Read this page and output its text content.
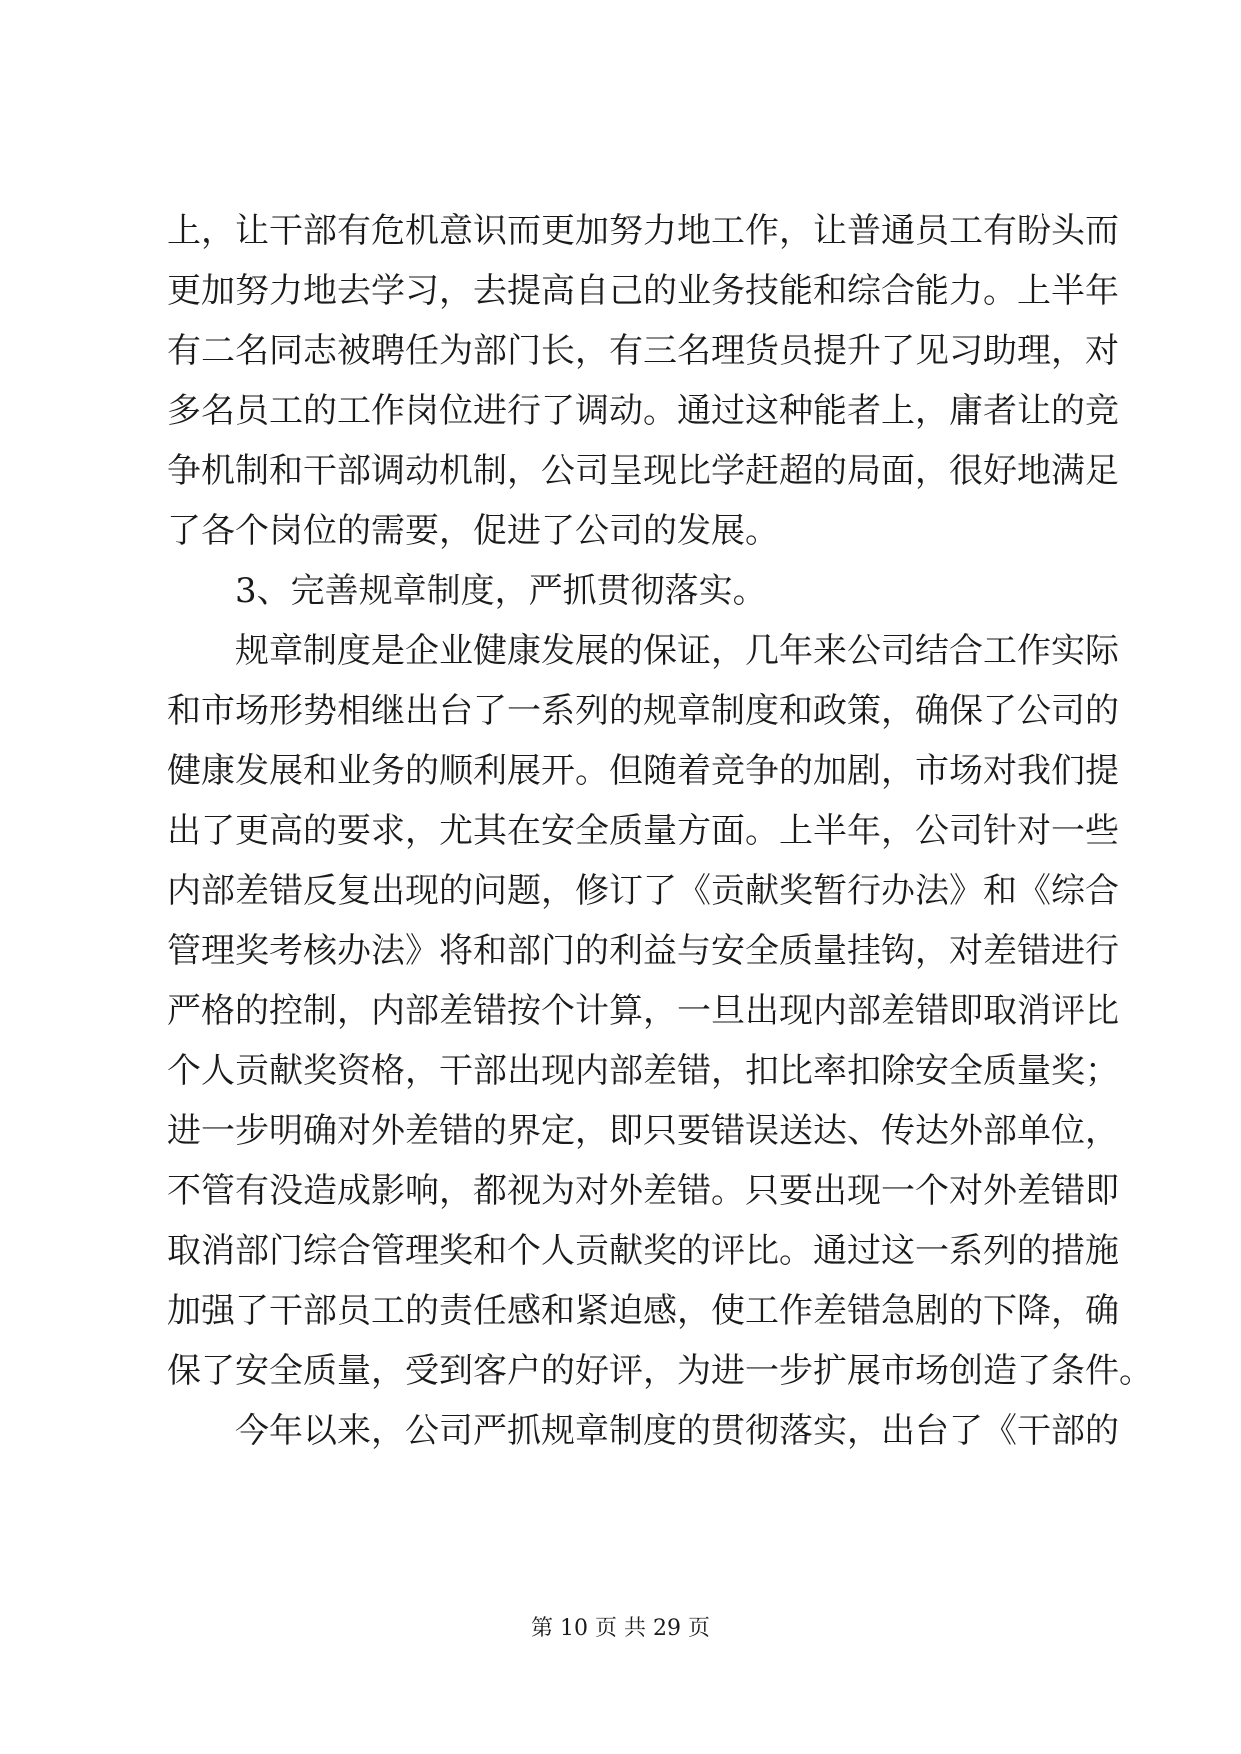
上，让干部有危机意识而更加努力地工作，让普通员工有盼头而
更加努力地去学习，去提高自己的业务技能和综合能力。上半年
有二名同志被聘任为部门长，有三名理货员提升了见习助理，对
多名员工的工作岗位进行了调动。通过这种能者上，庸者让的竞
争机制和干部调动机制，公司呈现比学赶超的局面，很好地满足
了各个岗位的需要，促进了公司的发展。
3、完善规章制度，严抓贯彻落实。
规章制度是企业健康发展的保证，几年来公司结合工作实际
和市场形势相继出台了一系列的规章制度和政策，确保了公司的
健康发展和业务的顺利展开。但随着竞争的加剧，市场对我们提
出了更高的要求，尤其在安全质量方面。上半年，公司针对一些
内部差错反复出现的问题，修订了《贡献奖暂行办法》和《综合
管理奖考核办法》将和部门的利益与安全质量挂钩，对差错进行
严格的控制，内部差错按个计算，一旦出现内部差错即取消评比
个人贡献奖资格，干部出现内部差错，扣比率扣除安全质量奖；
进一步明确对外差错的界定，即只要错误送达、传达外部单位，
不管有没造成影响，都视为对外差错。只要出现一个对外差错即
取消部门综合管理奖和个人贡献奖的评比。通过这一系列的措施
加强了干部员工的责任感和紧迫感，使工作差错急剧的下降，确
保了安全质量，受到客户的好评，为进一步扩展市场创造了条件。
今年以来，公司严抓规章制度的贯彻落实，出台了《干部的
第 10 页 共 29 页
